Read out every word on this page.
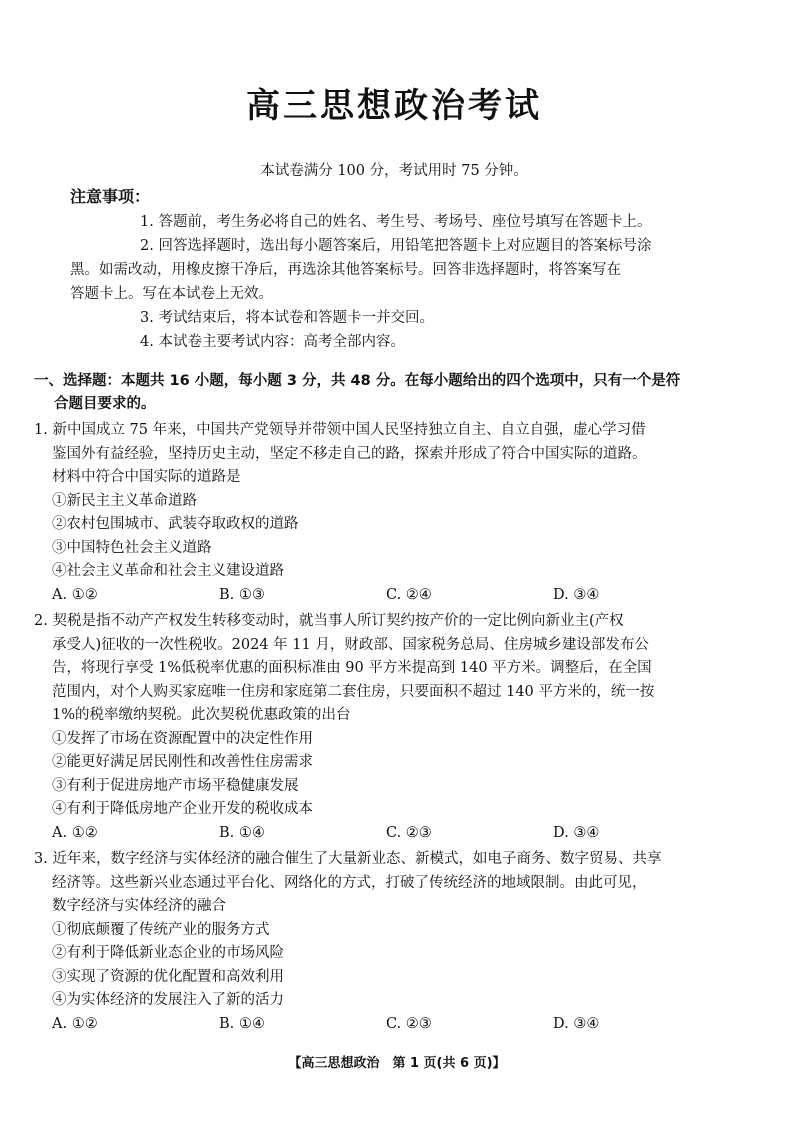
高三思想政治考试
本试卷满分 100 分，考试用时 75 分钟。
注意事项：

1. 答题前，考生务必将自己的姓名、考生号、考场号、座位号填写在答题卡上。

2. 回答选择题时，选出每小题答案后，用铅笔把答题卡上对应题目的答案标号涂

黑。如需改动，用橡皮擦干净后，再选涂其他答案标号。回答非选择题时，将答案写在

答题卡上。写在本试卷上无效。

3. 考试结束后，将本试卷和答题卡一并交回。

4. 本试卷主要考试内容：高考全部内容。

一、选择题：本题共 16 小题，每小题 3 分，共 48 分。在每小题给出的四个选项中，只有一个是符
合题目要求的。
1. 新中国成立 75 年来，中国共产党领导并带领中国人民坚持独立自主、自立自强，虚心学习借
鉴国外有益经验，坚持历史主动，坚定不移走自己的路，探索并形成了符合中国实际的道路。
材料中符合中国实际的道路是
①新民主主义革命道路
②农村包围城市、武装夺取政权的道路
③中国特色社会主义道路
④社会主义革命和社会主义建设道路
A. ①②	B. ①③	C. ②④	D. ③④
2. 契税是指不动产产权发生转移变动时，就当事人所订契约按产价的一定比例向新业主(产权
承受人)征收的一次性税收。2024 年 11 月，财政部、国家税务总局、住房城乡建设部发布公
告，将现行享受 1%低税率优惠的面积标准由 90 平方米提高到 140 平方米。调整后，在全国
范围内，对个人购买家庭唯一住房和家庭第二套住房，只要面积不超过 140 平方米的，统一按
1%的税率缴纳契税。此次契税优惠政策的出台
①发挥了市场在资源配置中的决定性作用
②能更好满足居民刚性和改善性住房需求
③有利于促进房地产市场平稳健康发展
④有利于降低房地产企业开发的税收成本
A. ①②	B. ①④	C. ②③	D. ③④
3. 近年来，数字经济与实体经济的融合催生了大量新业态、新模式，如电子商务、数字贸易、共享
经济等。这些新兴业态通过平台化、网络化的方式，打破了传统经济的地域限制。由此可见，
数字经济与实体经济的融合
①彻底颠覆了传统产业的服务方式
②有利于降低新业态企业的市场风险
③实现了资源的优化配置和高效利用
④为实体经济的发展注入了新的活力
A. ①②	B. ①④	C. ②③	D. ③④
【高三思想政治　第 1 页(共 6 页)】
